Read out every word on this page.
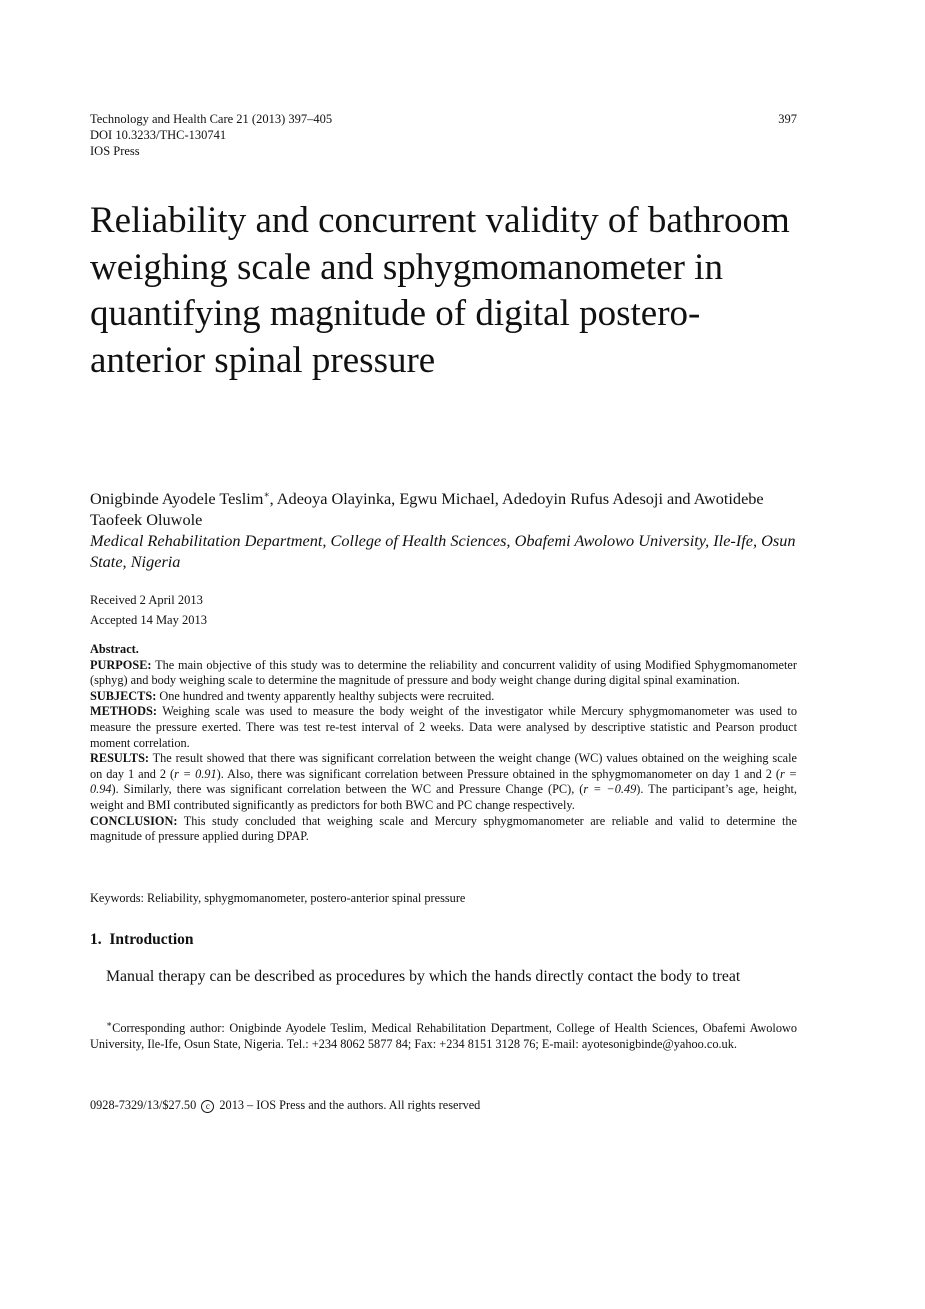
Technology and Health Care 21 (2013) 397–405
DOI 10.3233/THC-130741
IOS Press
397
Reliability and concurrent validity of bathroom weighing scale and sphygmomanometer in quantifying magnitude of digital postero-anterior spinal pressure
Onigbinde Ayodele Teslim∗, Adeoya Olayinka, Egwu Michael, Adedoyin Rufus Adesoji and Awotidebe Taofeek Oluwole
Medical Rehabilitation Department, College of Health Sciences, Obafemi Awolowo University, Ile-Ife, Osun State, Nigeria
Received 2 April 2013
Accepted 14 May 2013

Abstract.

PURPOSE: The main objective of this study was to determine the reliability and concurrent validity of using Modified Sphygmomanometer (sphyg) and body weighing scale to determine the magnitude of pressure and body weight change during digital spinal examination.

SUBJECTS: One hundred and twenty apparently healthy subjects were recruited.

METHODS: Weighing scale was used to measure the body weight of the investigator while Mercury sphygmomanometer was used to measure the pressure exerted. There was test re-test interval of 2 weeks. Data were analysed by descriptive statistic and Pearson product moment correlation.

RESULTS: The result showed that there was significant correlation between the weight change (WC) values obtained on the weighing scale on day 1 and 2 (r = 0.91). Also, there was significant correlation between Pressure obtained in the sphygmomanometer on day 1 and 2 (r = 0.94). Similarly, there was significant correlation between the WC and Pressure Change (PC), (r = −0.49). The participant’s age, height, weight and BMI contributed significantly as predictors for both BWC and PC change respectively.

CONCLUSION: This study concluded that weighing scale and Mercury sphygmomanometer are reliable and valid to determine the magnitude of pressure applied during DPAP.

Keywords: Reliability, sphygmomanometer, postero-anterior spinal pressure
1. Introduction
Manual therapy can be described as procedures by which the hands directly contact the body to treat
∗Corresponding author: Onigbinde Ayodele Teslim, Medical Rehabilitation Department, College of Health Sciences, Obafemi Awolowo University, Ile-Ife, Osun State, Nigeria. Tel.: +234 8062 5877 84; Fax: +234 8151 3128 76; E-mail: ayotesonigbinde@yahoo.co.uk.
0928-7329/13/$27.50 c 2013 – IOS Press and the authors. All rights reserved
